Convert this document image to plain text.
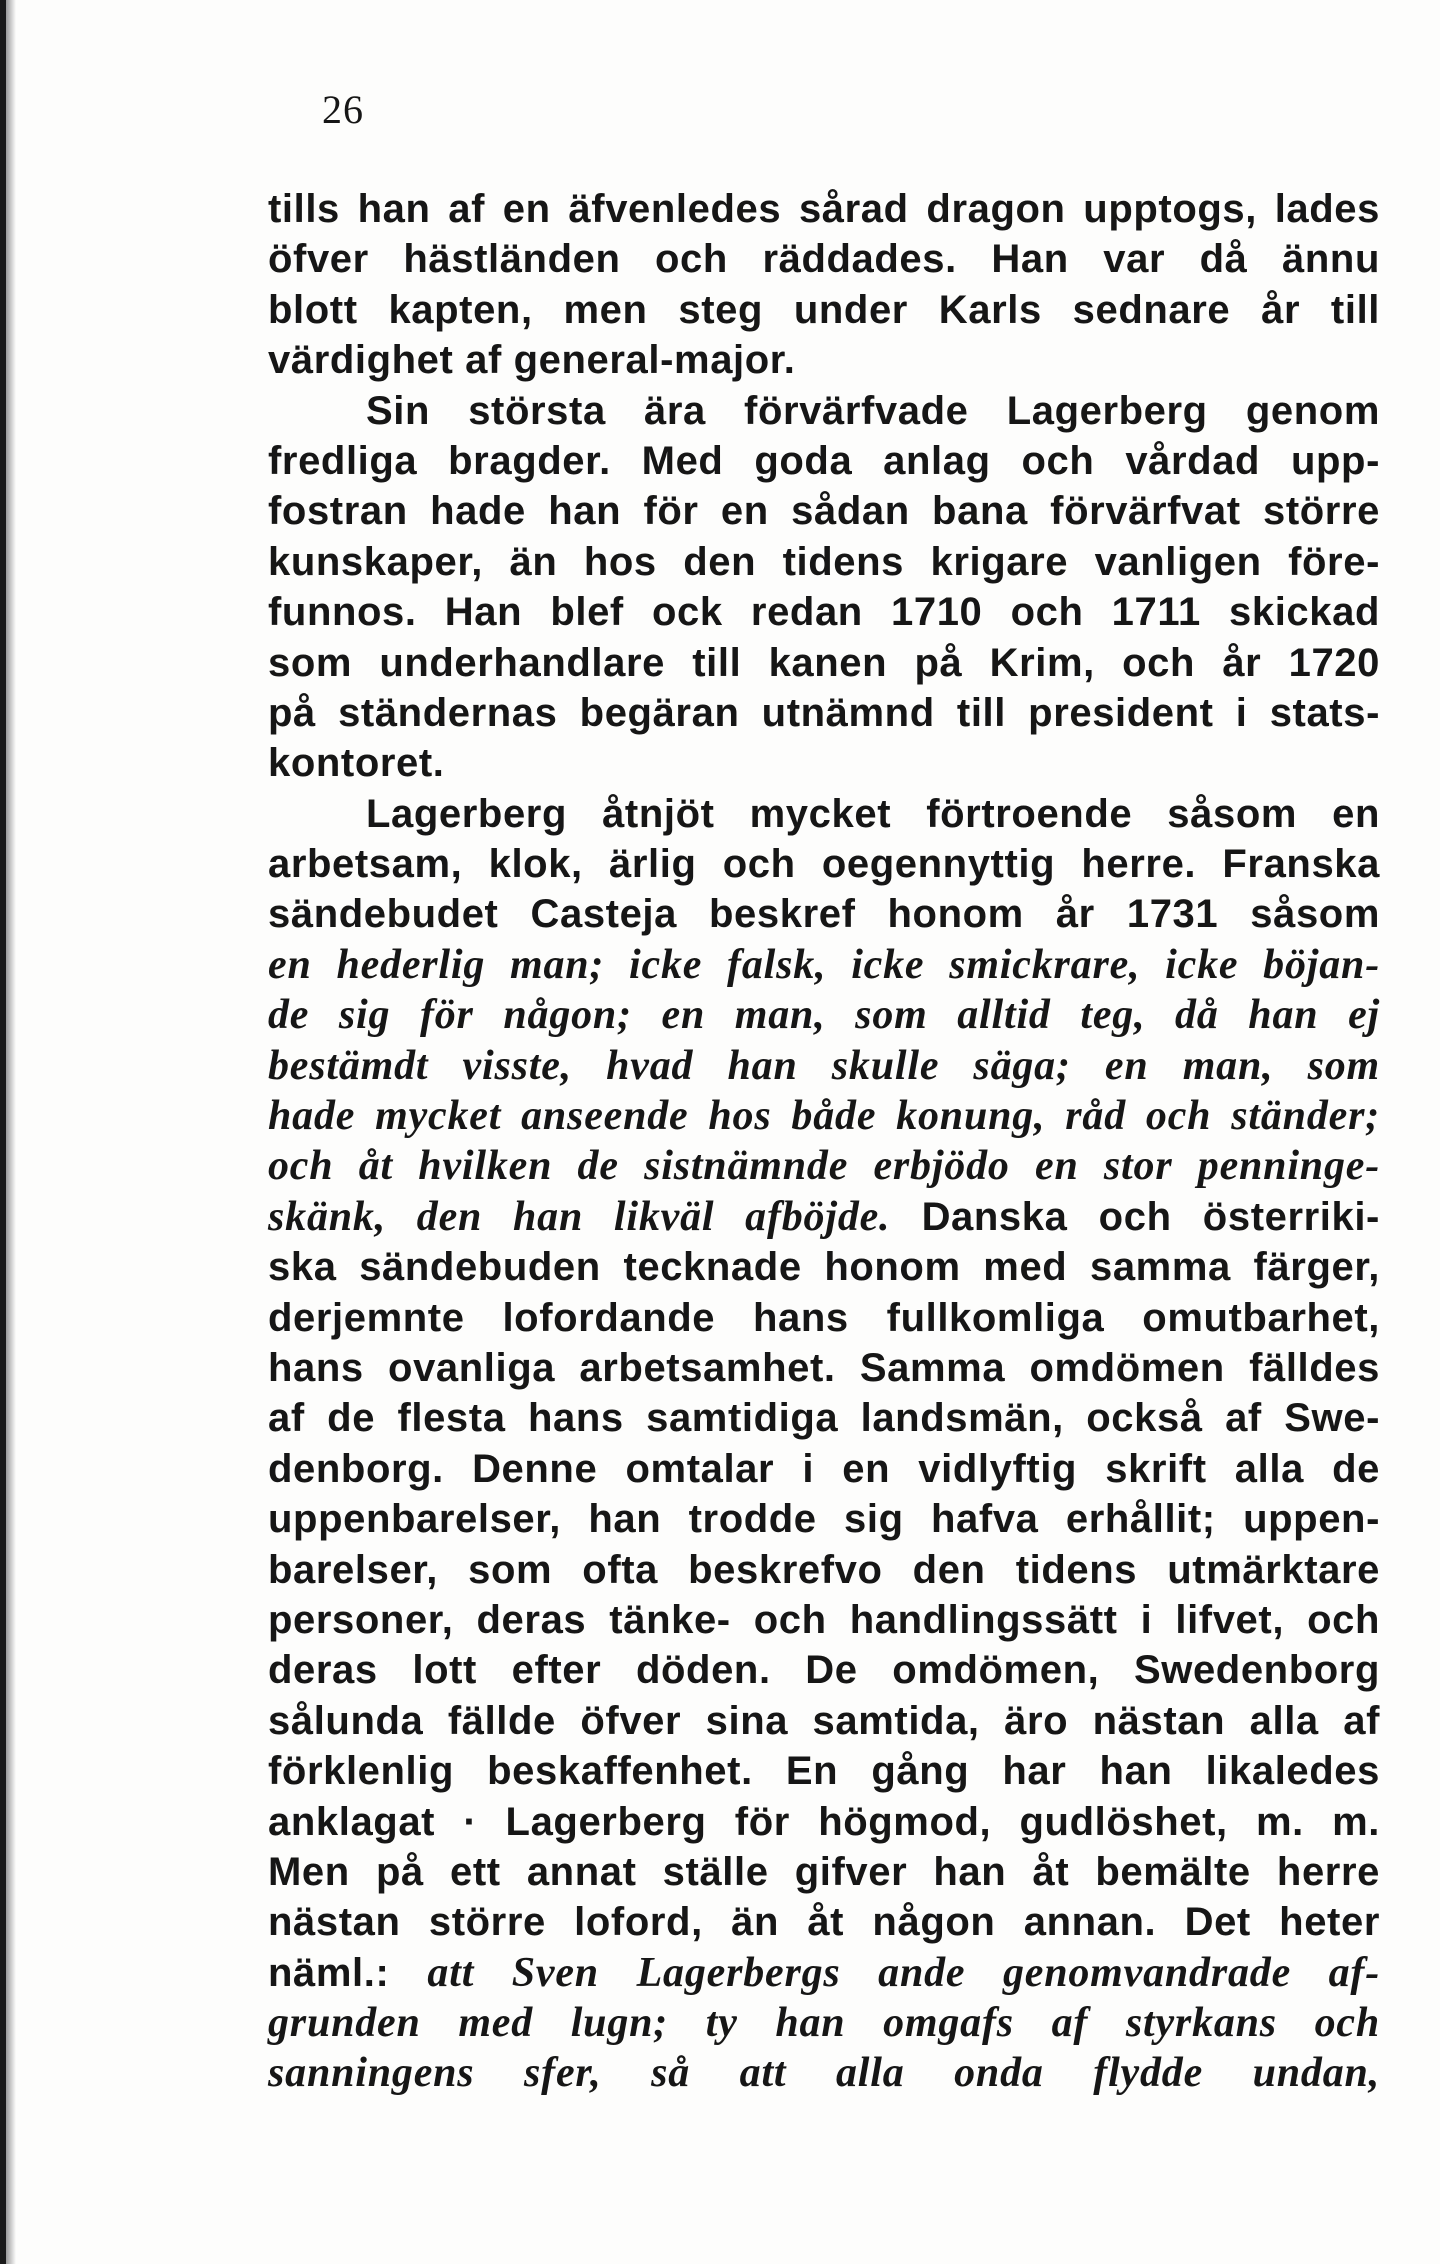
26
tills han af en äfvenledes sårad dragon upptogs, lades
öfver hästländen och räddades. Han var då ännu
blott kapten, men steg under Karls sednare år till
värdighet af general-major.
Sin största ära förvärfvade Lagerberg genom
fredliga bragder. Med goda anlag och vårdad upp-
fostran hade han för en sådan bana förvärfvat större
kunskaper, än hos den tidens krigare vanligen före-
funnos. Han blef ock redan 1710 och 1711 skickad
som underhandlare till kanen på Krim, och år 1720
på ständernas begäran utnämnd till president i stats-
kontoret.
Lagerberg åtnjöt mycket förtroende såsom en
arbetsam, klok, ärlig och oegennyttig herre. Franska
sändebudet Casteja beskref honom år 1731 såsom
en hederlig man; icke falsk, icke smickrare, icke böjan-
de sig för någon; en man, som alltid teg, då han ej
bestämdt visste, hvad han skulle säga; en man, som
hade mycket anseende hos både konung, råd och ständer;
och åt hvilken de sistnämnde erbjödo en stor penninge-
skänk, den han likväl afböjde. Danska och österriki-
ska sändebuden tecknade honom med samma färger,
derjemnte lofordande hans fullkomliga omutbarhet,
hans ovanliga arbetsamhet. Samma omdömen fälldes
af de flesta hans samtidiga landsmän, också af Swe-
denborg. Denne omtalar i en vidlyftig skrift alla de
uppenbarelser, han trodde sig hafva erhållit; uppen-
barelser, som ofta beskrefvo den tidens utmärktare
personer, deras tänke- och handlingssätt i lifvet, och
deras lott efter döden. De omdömen, Swedenborg
sålunda fällde öfver sina samtida, äro nästan alla af
förklenlig beskaffenhet. En gång har han likaledes
anklagat · Lagerberg för högmod, gudlöshet, m. m.
Men på ett annat ställe gifver han åt bemälte herre
nästan större loford, än åt någon annan. Det heter
näml.: att Sven Lagerbergs ande genomvandrade af-
grunden med lugn; ty han omgafs af styrkans och
sanningens sfer, så att alla onda flydde undan,
